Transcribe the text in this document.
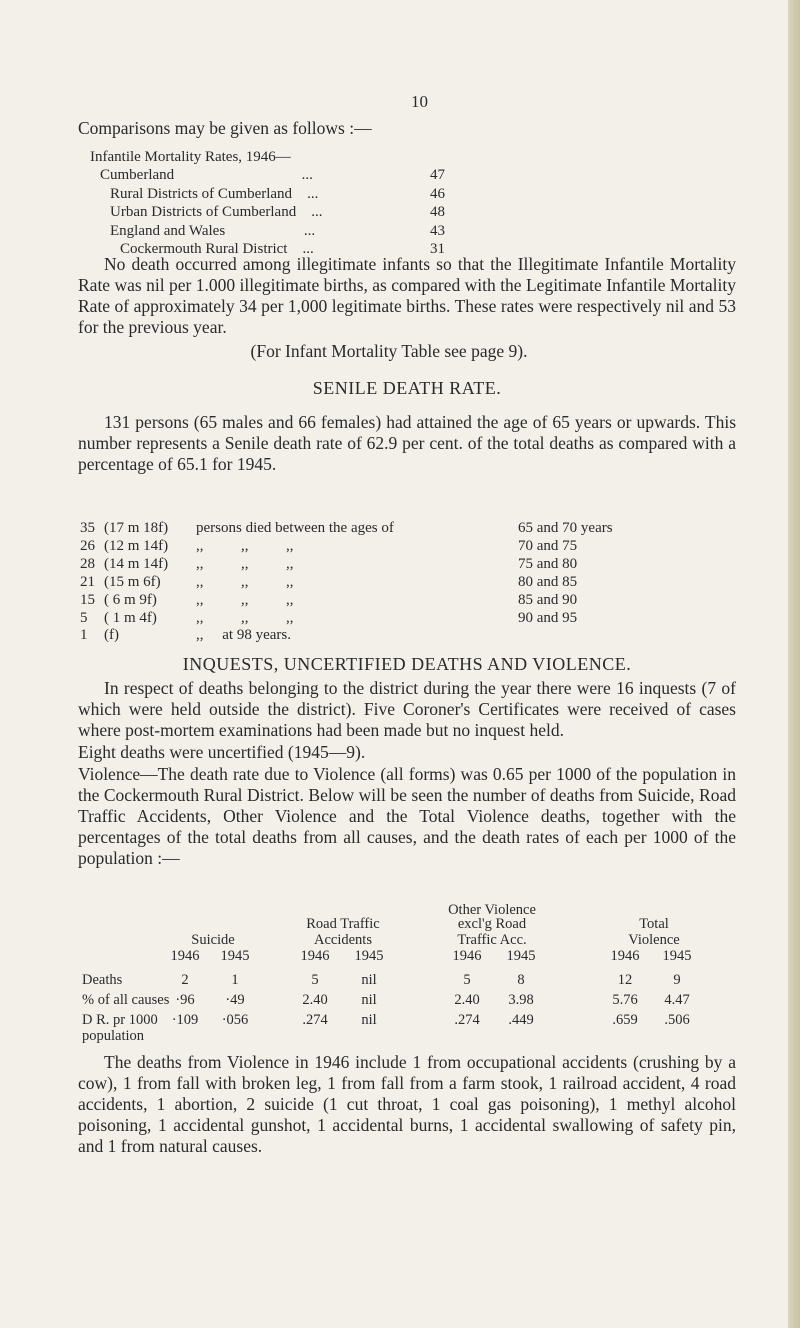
10
Comparisons may be given as follows :—
Infantile Mortality Rates, 1946—
Cumberland	...	47
Rural Districts of Cumberland ...	46
Urban Districts of Cumberland ...	48
England and Wales	...	43
Cockermouth Rural District ...	31
No death occurred among illegitimate infants so that the Illegitimate Infantile Mortality Rate was nil per 1.000 illegitimate births, as compared with the Legitimate Infantile Mortality Rate of approximately 34 per 1,000 legitimate births. These rates were respectively nil and 53 for the previous year.
(For Infant Mortality Table see page 9).
SENILE DEATH RATE.
131 persons (65 males and 66 females) had attained the age of 65 years or upwards. This number represents a Senile death rate of 62.9 per cent. of the total deaths as compared with a percentage of 65.1 for 1945.
35 (17 m 18f)	persons died between the ages of	65 and 70 years
26 (12 m 14f)	,,          ,,          ,,	70 and 75
28 (14 m 14f)	,,          ,,          ,,	75 and 80
21 (15 m 6f)	,,          ,,          ,,	80 and 85
15 ( 6 m 9f)	,,          ,,          ,,	85 and 90
5	( 1 m 4f)	,,          ,,          ,,	90 and 95
1	(f)	,,     at 98 years.
INQUESTS, UNCERTIFIED DEATHS AND VIOLENCE.
In respect of deaths belonging to the district during the year there were 16 inquests (7 of which were held outside the district). Five Coroner's Certificates were received of cases where post-mortem examinations had been made but no inquest held.
Eight deaths were uncertified (1945—9).
Violence—The death rate due to Violence (all forms) was 0.65 per 1000 of the population in the Cockermouth Rural District. Below will be seen the number of deaths from Suicide, Road Traffic Accidents, Other Violence and the Total Violence deaths, together with the percentages of the total deaths from all causes, and the death rates of each per 1000 of the population :—
Suicide
Road Traffic
Accidents
Other Violence
excl'g Road
Traffic Acc.
Total
Violence
1946	1945	1946	1945	1946	1945	1946	1945
Deaths	2	1	5	nil	5	8	12	9
% of all causes ·96	·49	2.40	nil	2.40	3.98	5.76	4.47
D R. pr 1000 ·109	·056	.274	nil	.274	.449	.659	.506
population
The deaths from Violence in 1946 include 1 from occupational accidents (crushing by a cow), 1 from fall with broken leg, 1 from fall from a farm stook, 1 railroad accident, 4 road accidents, 1 abortion, 2 suicide (1 cut throat, 1 coal gas poisoning), 1 methyl alcohol poisoning, 1 accidental gunshot, 1 accidental burns, 1 accidental swallowing of safety pin, and 1 from natural causes.
